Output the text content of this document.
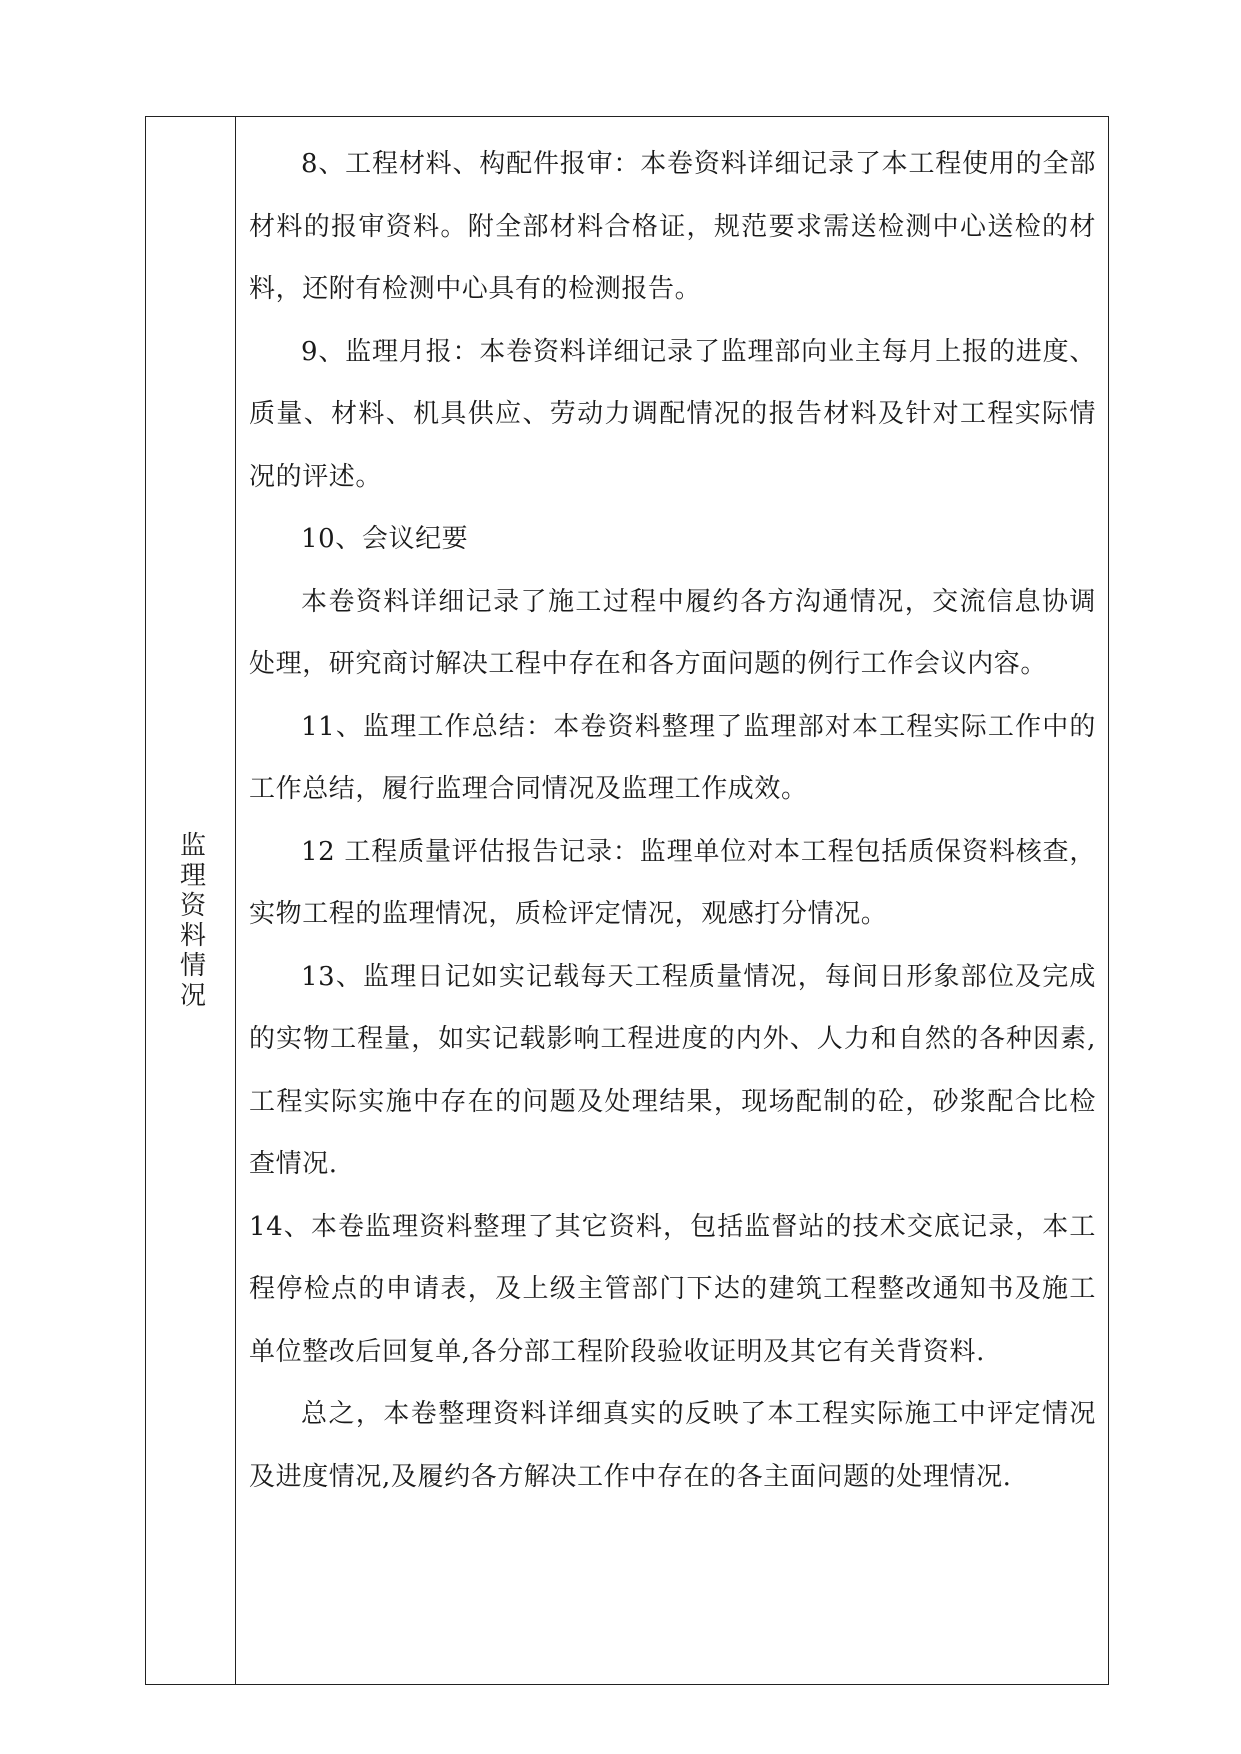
监理资料情况

8、工程材料、构配件报审：本卷资料详细记录了本工程使用的全部材料的报审资料。附全部材料合格证，规范要求需送检测中心送检的材料，还附有检测中心具有的检测报告。

9、监理月报：本卷资料详细记录了监理部向业主每月上报的进度、质量、材料、机具供应、劳动力调配情况的报告材料及针对工程实际情况的评述。

10、会议纪要

本卷资料详细记录了施工过程中履约各方沟通情况，交流信息协调处理，研究商讨解决工程中存在和各方面问题的例行工作会议内容。

11、监理工作总结：本卷资料整理了监理部对本工程实际工作中的工作总结，履行监理合同情况及监理工作成效。

12 工程质量评估报告记录：监理单位对本工程包括质保资料核查，实物工程的监理情况，质检评定情况，观感打分情况。

13、监理日记如实记载每天工程质量情况，每间日形象部位及完成的实物工程量，如实记载影响工程进度的内外、人力和自然的各种因素,工程实际实施中存在的问题及处理结果，现场配制的砼，砂浆配合比检查情况.

14、本卷监理资料整理了其它资料，包括监督站的技术交底记录，本工程停检点的申请表，及上级主管部门下达的建筑工程整改通知书及施工单位整改后回复单,各分部工程阶段验收证明及其它有关背资料.

总之，本卷整理资料详细真实的反映了本工程实际施工中评定情况及进度情况,及履约各方解决工作中存在的各主面问题的处理情况.
